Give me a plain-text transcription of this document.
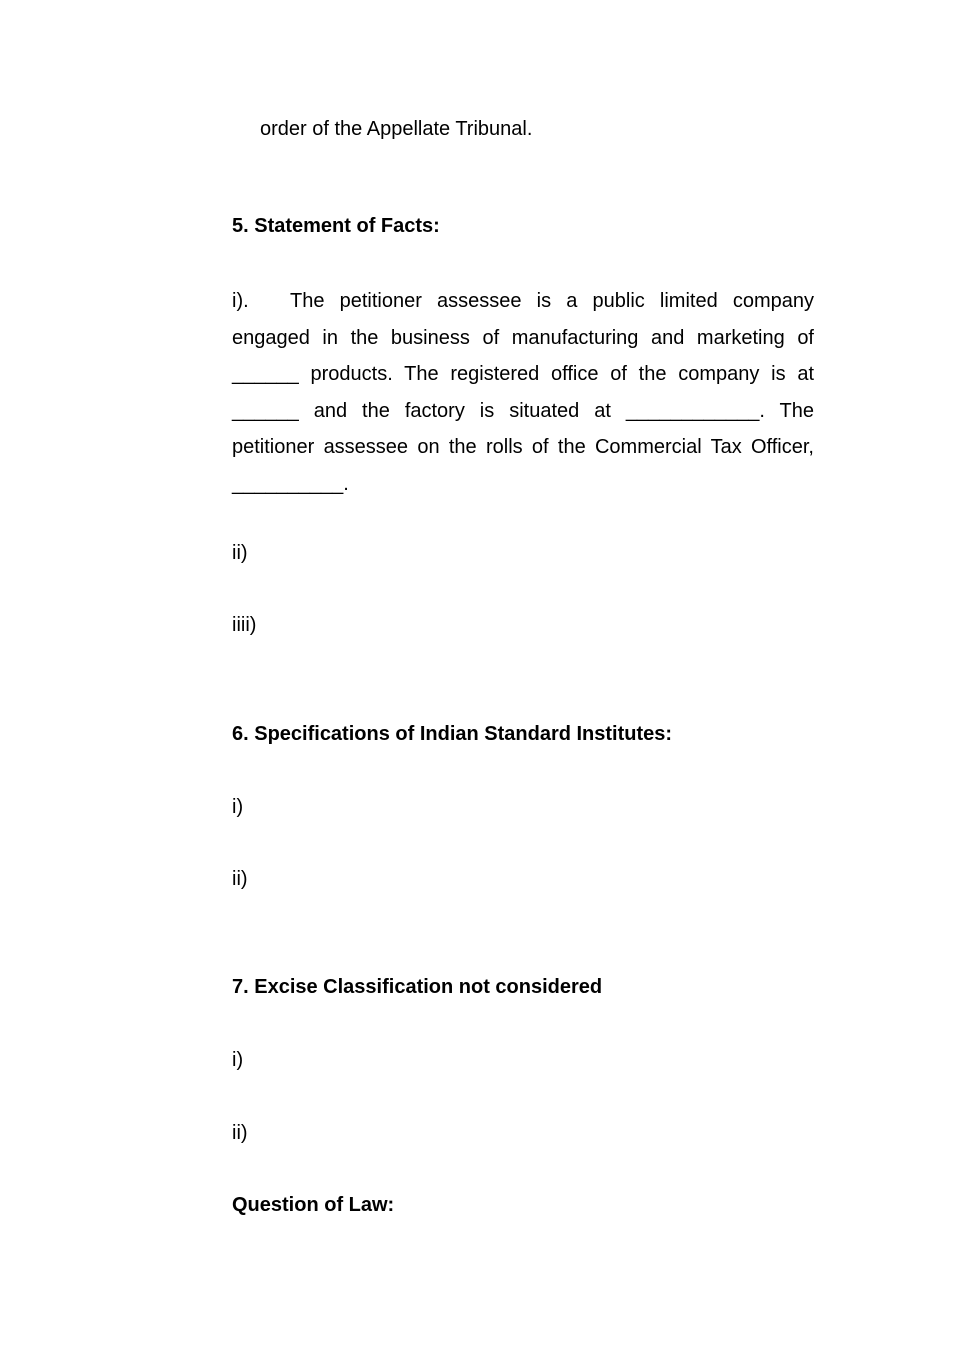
order of the Appellate Tribunal.
5. Statement of Facts:
i). The petitioner assessee is a public limited company engaged in the business of manufacturing and marketing of ______ products. The registered office of the company is at ______ and the factory is situated at ____________. The petitioner assessee on the rolls of the Commercial Tax Officer, __________.
ii)
iiii)
6. Specifications of Indian Standard Institutes:
i)
ii)
7. Excise Classification not considered
i)
ii)
Question of Law:
